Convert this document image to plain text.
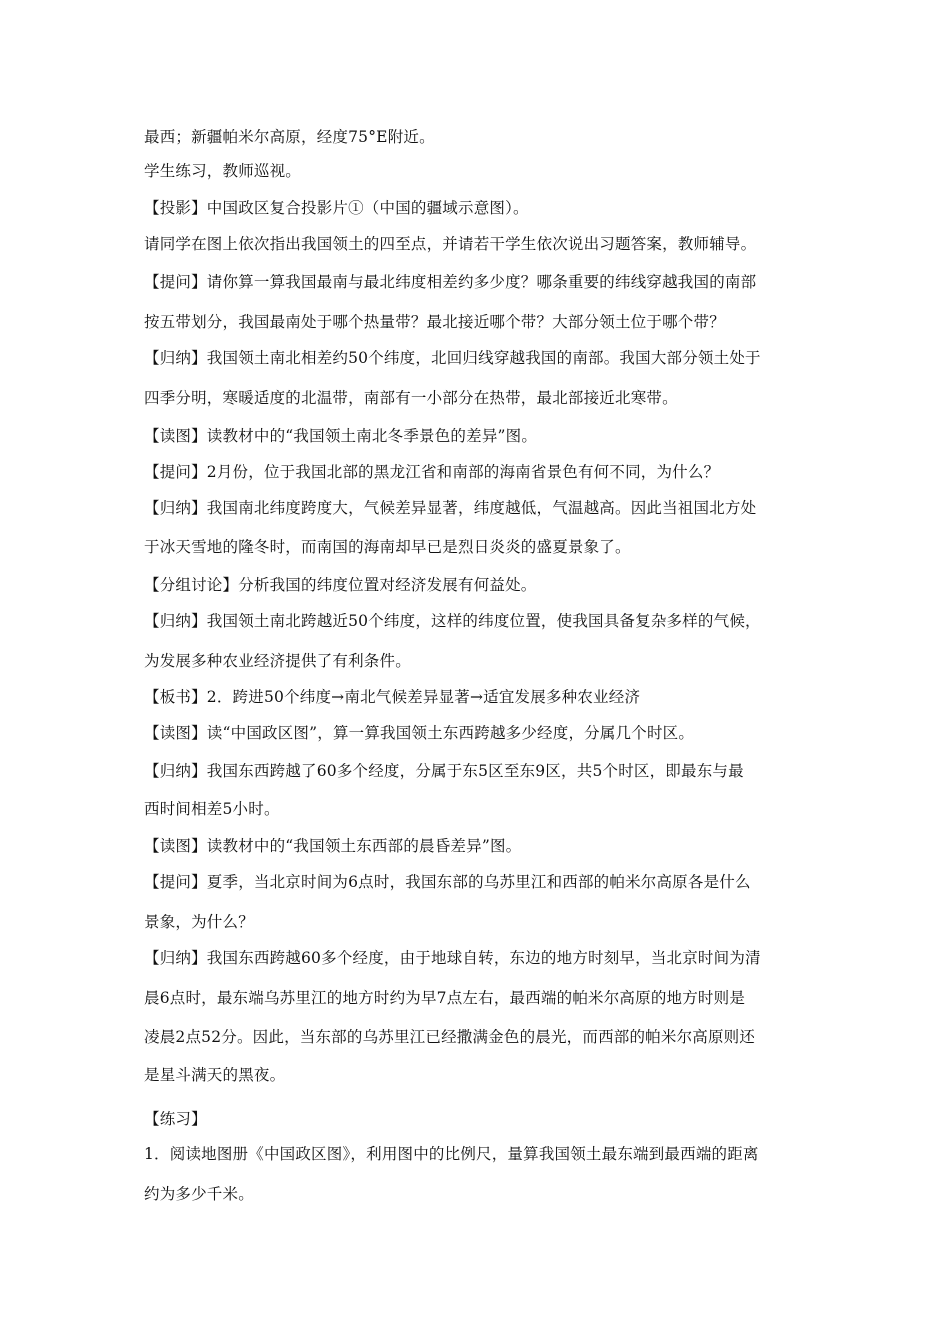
最西；新疆帕米尔高原，经度75°E附近。
学生练习，教师巡视。
【投影】中国政区复合投影片①（中国的疆域示意图）。
请同学在图上依次指出我国领土的四至点，并请若干学生依次说出习题答案，教师辅导。
【提问】请你算一算我国最南与最北纬度相差约多少度？哪条重要的纬线穿越我国的南部
按五带划分，我国最南处于哪个热量带？最北接近哪个带？大部分领土位于哪个带？
【归纳】我国领土南北相差约50个纬度，北回归线穿越我国的南部。我国大部分领土处于
四季分明，寒暖适度的北温带，南部有一小部分在热带，最北部接近北寒带。
【读图】读教材中的“我国领土南北冬季景色的差异”图。
【提问】2月份，位于我国北部的黑龙江省和南部的海南省景色有何不同，为什么？
【归纳】我国南北纬度跨度大，气候差异显著，纬度越低，气温越高。因此当祖国北方处
于冰天雪地的隆冬时，而南国的海南却早已是烈日炎炎的盛夏景象了。
【分组讨论】分析我国的纬度位置对经济发展有何益处。
【归纳】我国领土南北跨越近50个纬度，这样的纬度位置，使我国具备复杂多样的气候，
为发展多种农业经济提供了有利条件。
【板书】2．跨进50个纬度→南北气候差异显著→适宜发展多种农业经济
【读图】读“中国政区图”，算一算我国领土东西跨越多少经度，分属几个时区。
【归纳】我国东西跨越了60多个经度，分属于东5区至东9区，共5个时区，即最东与最
西时间相差5小时。
【读图】读教材中的“我国领土东西部的晨昏差异”图。
【提问】夏季，当北京时间为6点时，我国东部的乌苏里江和西部的帕米尔高原各是什么
景象，为什么？
【归纳】我国东西跨越60多个经度，由于地球自转，东边的地方时刻早，当北京时间为清
晨6点时，最东端乌苏里江的地方时约为早7点左右，最西端的帕米尔高原的地方时则是
凌晨2点52分。因此，当东部的乌苏里江已经撒满金色的晨光，而西部的帕米尔高原则还
是星斗满天的黑夜。
【练习】
1．阅读地图册《中国政区图》，利用图中的比例尺，量算我国领土最东端到最西端的距离
约为多少千米。
